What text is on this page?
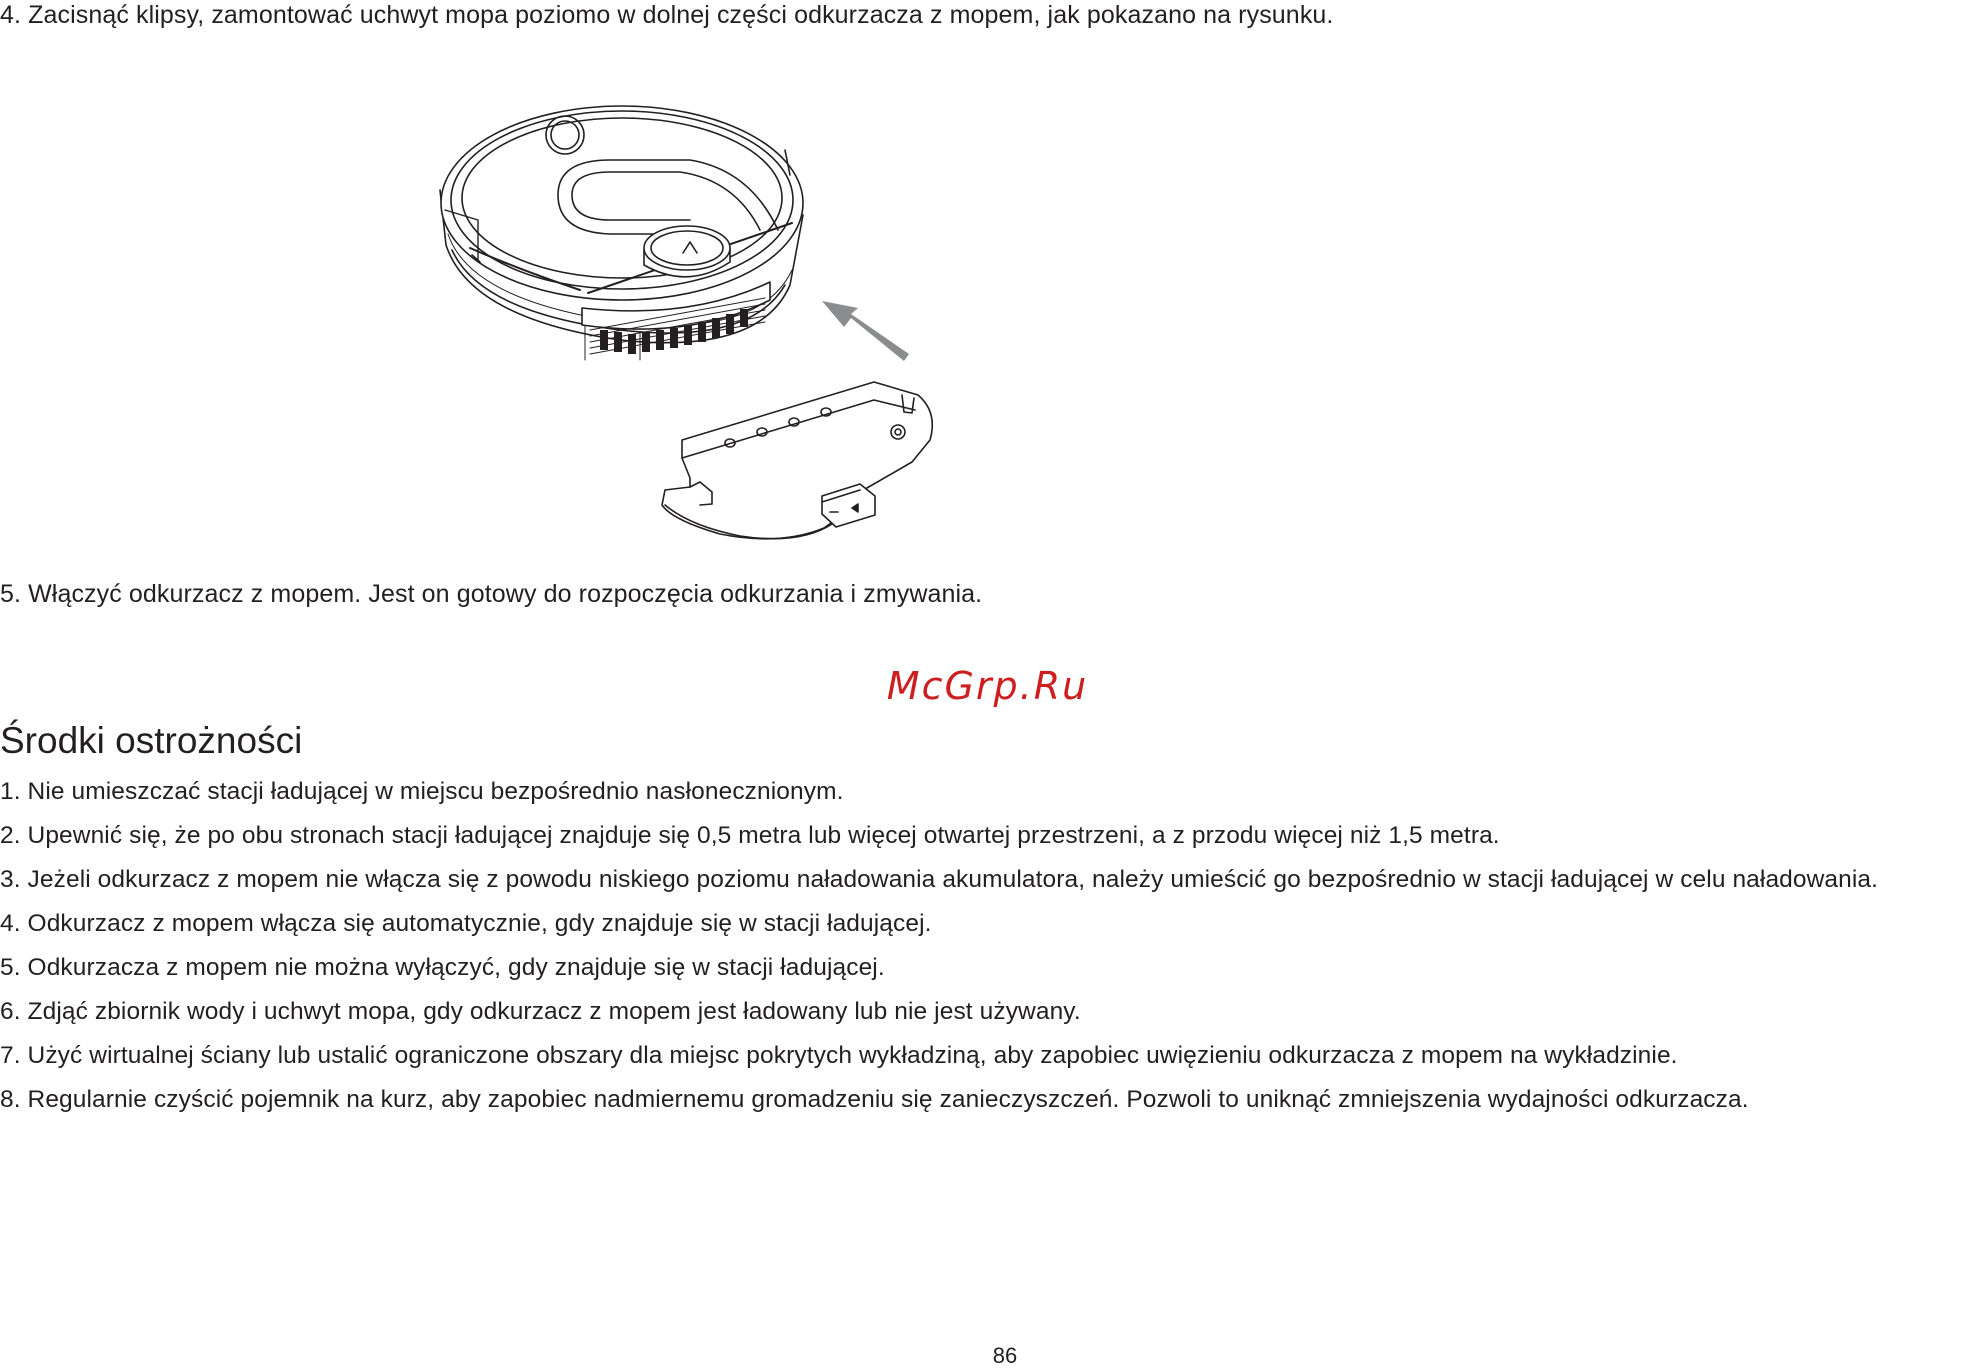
4. Zacisnąć klipsy, zamontować uchwyt mopa poziomo w dolnej części odkurzacza z mopem, jak pokazano na rysunku.

5. Włączyć odkurzacz z mopem. Jest on gotowy do rozpoczęcia odkurzania i zmywania.

McGrp.Ru
Środki ostrożności

1. Nie umieszczać stacji ładującej w miejscu bezpośrednio nasłonecznionym.

2. Upewnić się, że po obu stronach stacji ładującej znajduje się 0,5 metra lub więcej otwartej przestrzeni, a z przodu więcej niż 1,5 metra.

3. Jeżeli odkurzacz z mopem nie włącza się z powodu niskiego poziomu naładowania akumulatora, należy umieścić go bezpośrednio w stacji ładującej w celu naładowania.

4. Odkurzacz z mopem włącza się automatycznie, gdy znajduje się w stacji ładującej.

5. Odkurzacza z mopem nie można wyłączyć, gdy znajduje się w stacji ładującej.

6. Zdjąć zbiornik wody i uchwyt mopa, gdy odkurzacz z mopem jest ładowany lub nie jest używany.

7. Użyć wirtualnej ściany lub ustalić ograniczone obszary dla miejsc pokrytych wykładziną, aby zapobiec uwięzieniu odkurzacza z mopem na wykładzinie.

8. Regularnie czyścić pojemnik na kurz, aby zapobiec nadmiernemu gromadzeniu się zanieczyszczeń. Pozwoli to uniknąć zmniejszenia wydajności odkurzacza.

86
